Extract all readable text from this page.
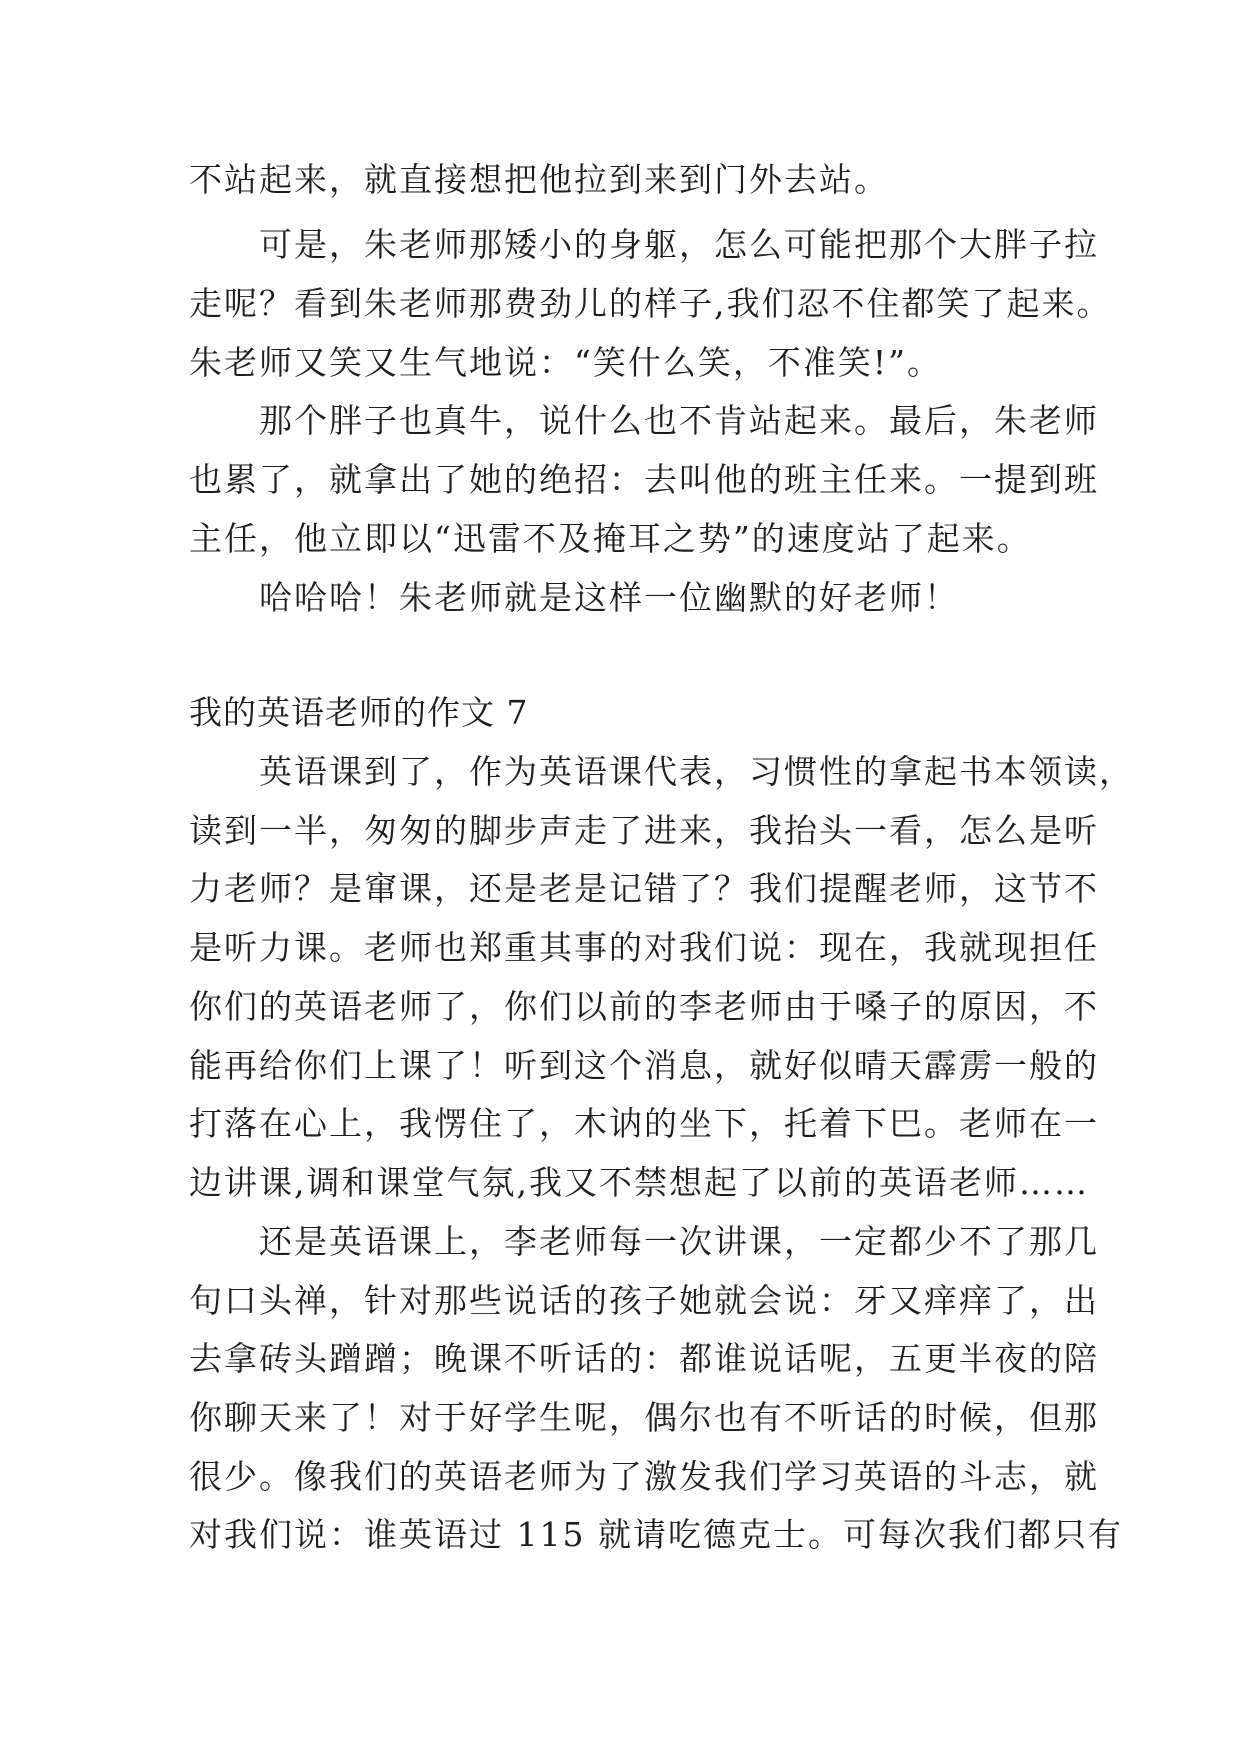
不站起来，就直接想把他拉到来到门外去站。
　　可是，朱老师那矮小的身躯，怎么可能把那个大胖子拉
走呢？看到朱老师那费劲儿的样子,我们忍不住都笑了起来。
朱老师又笑又生气地说：“笑什么笑，不准笑!”。
　　那个胖子也真牛，说什么也不肯站起来。最后，朱老师
也累了，就拿出了她的绝招：去叫他的班主任来。一提到班
主任，他立即以“迅雷不及掩耳之势”的速度站了起来。
　　哈哈哈！朱老师就是这样一位幽默的好老师！
我的英语老师的作文 7
　　英语课到了，作为英语课代表，习惯性的拿起书本领读，
读到一半，匆匆的脚步声走了进来，我抬头一看，怎么是听
力老师？是窜课，还是老是记错了？我们提醒老师，这节不
是听力课。老师也郑重其事的对我们说：现在，我就现担任
你们的英语老师了，你们以前的李老师由于嗓子的原因，不
能再给你们上课了！听到这个消息，就好似晴天霹雳一般的
打落在心上，我愣住了，木讷的坐下，托着下巴。老师在一
边讲课,调和课堂气氛,我又不禁想起了以前的英语老师……
　　还是英语课上，李老师每一次讲课，一定都少不了那几
句口头禅，针对那些说话的孩子她就会说：牙又痒痒了，出
去拿砖头蹭蹭；晚课不听话的：都谁说话呢，五更半夜的陪
你聊天来了！对于好学生呢，偶尔也有不听话的时候，但那
很少。像我们的英语老师为了激发我们学习英语的斗志，就
对我们说：谁英语过 115 就请吃德克士。可每次我们都只有
